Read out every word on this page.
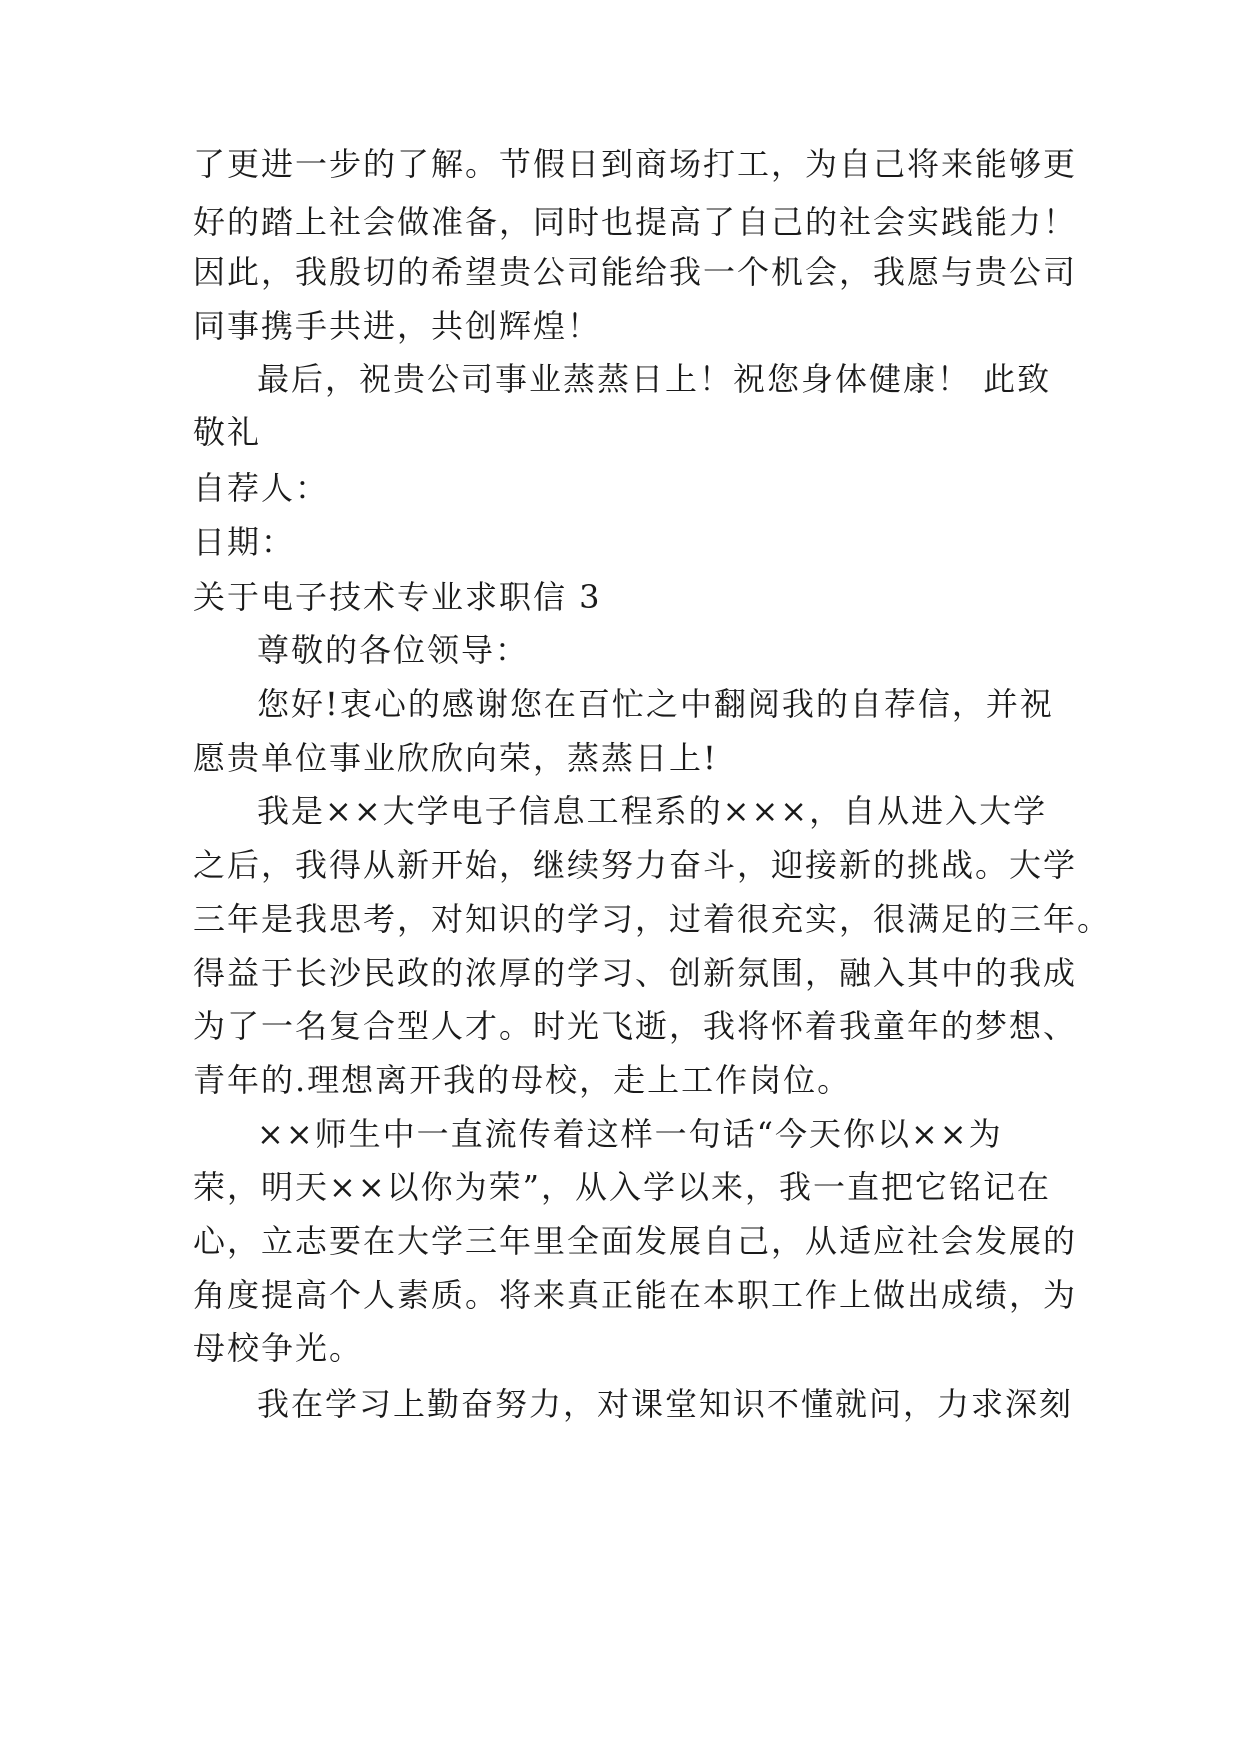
了更进一步的了解。节假日到商场打工，为自己将来能够更
好的踏上社会做准备，同时也提高了自己的社会实践能力！
因此，我殷切的希望贵公司能给我一个机会，我愿与贵公司
同事携手共进，共创辉煌！
最后，祝贵公司事业蒸蒸日上！祝您身体健康！ 此致
敬礼
自荐人：
日期：
关于电子技术专业求职信 3
尊敬的各位领导：
您好!衷心的感谢您在百忙之中翻阅我的自荐信，并祝
愿贵单位事业欣欣向荣，蒸蒸日上!
我是××大学电子信息工程系的×××，自从进入大学
之后，我得从新开始，继续努力奋斗，迎接新的挑战。大学
三年是我思考，对知识的学习，过着很充实，很满足的三年。
得益于长沙民政的浓厚的学习、创新氛围，融入其中的我成
为了一名复合型人才。时光飞逝，我将怀着我童年的梦想、
青年的.理想离开我的母校，走上工作岗位。
××师生中一直流传着这样一句话“今天你以××为
荣，明天××以你为荣”，从入学以来，我一直把它铭记在
心，立志要在大学三年里全面发展自己，从适应社会发展的
角度提高个人素质。将来真正能在本职工作上做出成绩，为
母校争光。
我在学习上勤奋努力，对课堂知识不懂就问，力求深刻
